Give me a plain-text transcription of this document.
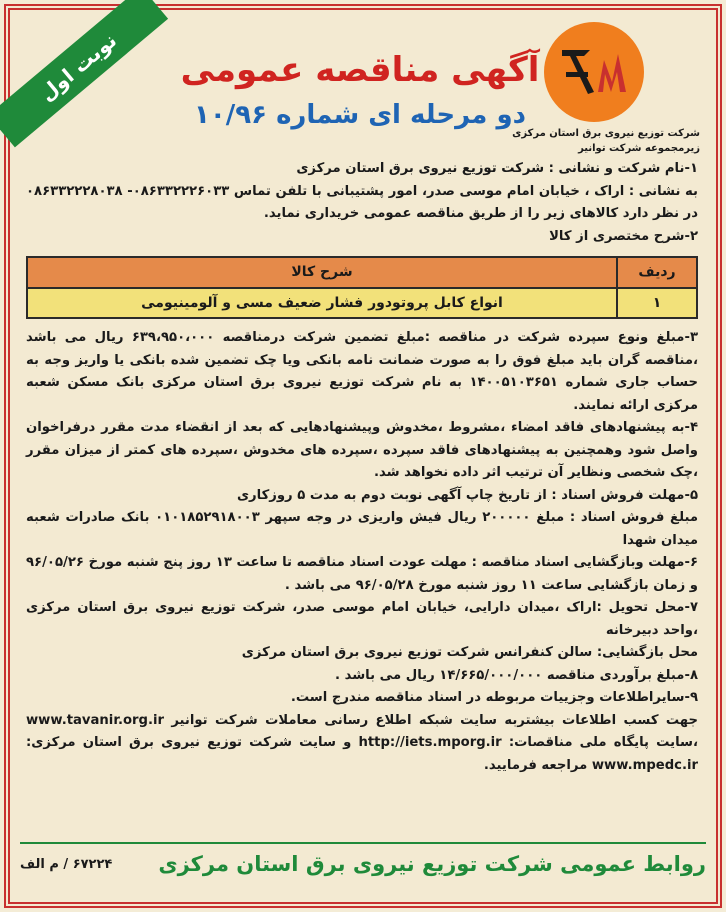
نوبت اول	آگهی مناقصه عمومی
دو مرحله ای شماره ۱۰/۹۶
شرکت توزیع نیروی برق استان مرکزی
زیرمجموعه شرکت توانیر

۱-نام شرکت و نشانی : شرکت توزیع نیروی برق استان مرکزی

به نشانی : اراک ، خیابان امام موسی صدر، امور پشتیبانی با تلفن تماس ۰۸۶۳۳۲۲۲۶۰۳۳- ۰۸۶۳۳۲۲۲۸۰۳۸ در نظر دارد کالاهای زیر را از طریق مناقصه عمومی خریداری نماید.

۲-شرح مختصری از کالا

ردیف	شرح کالا
۱	انواع کابل پروتودور فشار ضعیف مسی و آلومینیومی

۳-مبلغ ونوع سپرده شرکت در مناقصه :مبلغ تضمین شرکت درمناقصه ۶۳۹،۹۵۰،۰۰۰ ریال می باشد ،مناقصه گران باید مبلغ فوق را به صورت ضمانت نامه بانکی ویا چک تضمین شده بانکی یا واریز وجه به حساب جاری شماره ۱۴۰۰۵۱۰۳۶۵۱ به نام شرکت توزیع نیروی برق استان مرکزی بانک مسکن شعبه مرکزی ارائه نمایند.

۴-به پیشنهادهای فاقد امضاء ،مشروط ،مخدوش وپیشنهادهایی که بعد از انقضاء مدت مقرر درفراخوان واصل شود وهمچنین به پیشنهادهای فاقد سپرده ،سپرده های مخدوش ،سپرده های کمتر از میزان مقرر ،چک شخصی ونظایر آن ترتیب اثر داده نخواهد شد.

۵-مهلت فروش اسناد : از تاریخ چاپ آگهی نوبت دوم به مدت ۵ روزکاری

مبلغ فروش اسناد : مبلغ ۲۰۰۰۰۰ ریال فیش واریزی در وجه سپهر ۰۱۰۱۸۵۲۹۱۸۰۰۳ بانک صادرات شعبه میدان شهدا

۶-مهلت وبازگشایی اسناد مناقصه : مهلت عودت اسناد مناقصه تا ساعت ۱۳ روز پنج شنبه مورخ ۹۶/۰۵/۲۶ و زمان بازگشایی ساعت ۱۱ روز شنبه مورخ ۹۶/۰۵/۲۸ می باشد .

۷-محل تحویل :اراک ،میدان دارایی، خیابان امام موسی صدر، شرکت توزیع نیروی برق استان مرکزی ،واحد دبیرخانه

محل بازگشایی: سالن کنفرانس شرکت توزیع نیروی برق استان مرکزی

۸-مبلغ برآوردی مناقصه ۱۴/۶۶۵/۰۰۰/۰۰۰ ریال می باشد .

۹-سایراطلاعات وجزییات مربوطه در اسناد مناقصه مندرج است.

جهت کسب اطلاعات بیشتربه سایت شبکه اطلاع رسانی معاملات شرکت توانیر www.tavanir.org.ir ،سایت پایگاه ملی مناقصات: http://iets.mporg.ir و سایت شرکت توزیع نیروی برق استان مرکزی: www.mpedc.ir مراجعه فرمایید.

روابط عمومی شرکت توزیع نیروی برق استان مرکزی
۶۷۲۲۴ / م الف
